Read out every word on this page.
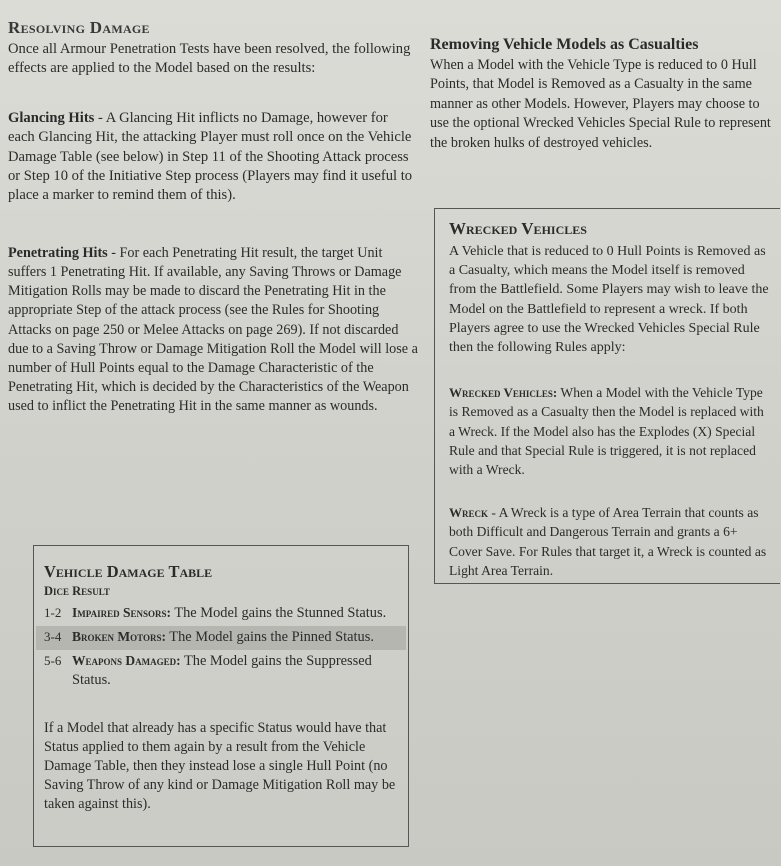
Resolving Damage

Once all Armour Penetration Tests have been resolved, the following effects are applied to the Model based on the results:

Glancing Hits - A Glancing Hit inflicts no Damage, however for each Glancing Hit, the attacking Player must roll once on the Vehicle Damage Table (see below) in Step 11 of the Shooting Attack process or Step 10 of the Initiative Step process (Players may find it useful to place a marker to remind them of this).

Penetrating Hits - For each Penetrating Hit result, the target Unit suffers 1 Penetrating Hit. If available, any Saving Throws or Damage Mitigation Rolls may be made to discard the Penetrating Hit in the appropriate Step of the attack process (see the Rules for Shooting Attacks on page 250 or Melee Attacks on page 269). If not discarded due to a Saving Throw or Damage Mitigation Roll the Model will lose a number of Hull Points equal to the Damage Characteristic of the Penetrating Hit, which is decided by the Characteristics of the Weapon used to inflict the Penetrating Hit in the same manner as wounds.

Vehicle Damage Table
Dice Result
1-2 Impaired Sensors: The Model gains the Stunned Status.
3-4 Broken Motors: The Model gains the Pinned Status.
5-6 Weapons Damaged: The Model gains the Suppressed Status.

If a Model that already has a specific Status would have that Status applied to them again by a result from the Vehicle Damage Table, then they instead lose a single Hull Point (no Saving Throw of any kind or Damage Mitigation Roll may be taken against this).

Removing Vehicle Models as Casualties

When a Model with the Vehicle Type is reduced to 0 Hull Points, that Model is Removed as a Casualty in the same manner as other Models. However, Players may choose to use the optional Wrecked Vehicles Special Rule to represent the broken hulks of destroyed vehicles.

Wrecked Vehicles

A Vehicle that is reduced to 0 Hull Points is Removed as a Casualty, which means the Model itself is removed from the Battlefield. Some Players may wish to leave the Model on the Battlefield to represent a wreck. If both Players agree to use the Wrecked Vehicles Special Rule then the following Rules apply:

Wrecked Vehicles: When a Model with the Vehicle Type is Removed as a Casualty then the Model is replaced with a Wreck. If the Model also has the Explodes (X) Special Rule and that Special Rule is triggered, it is not replaced with a Wreck.

Wreck - A Wreck is a type of Area Terrain that counts as both Difficult and Dangerous Terrain and grants a 6+ Cover Save. For Rules that target it, a Wreck is counted as Light Area Terrain.
